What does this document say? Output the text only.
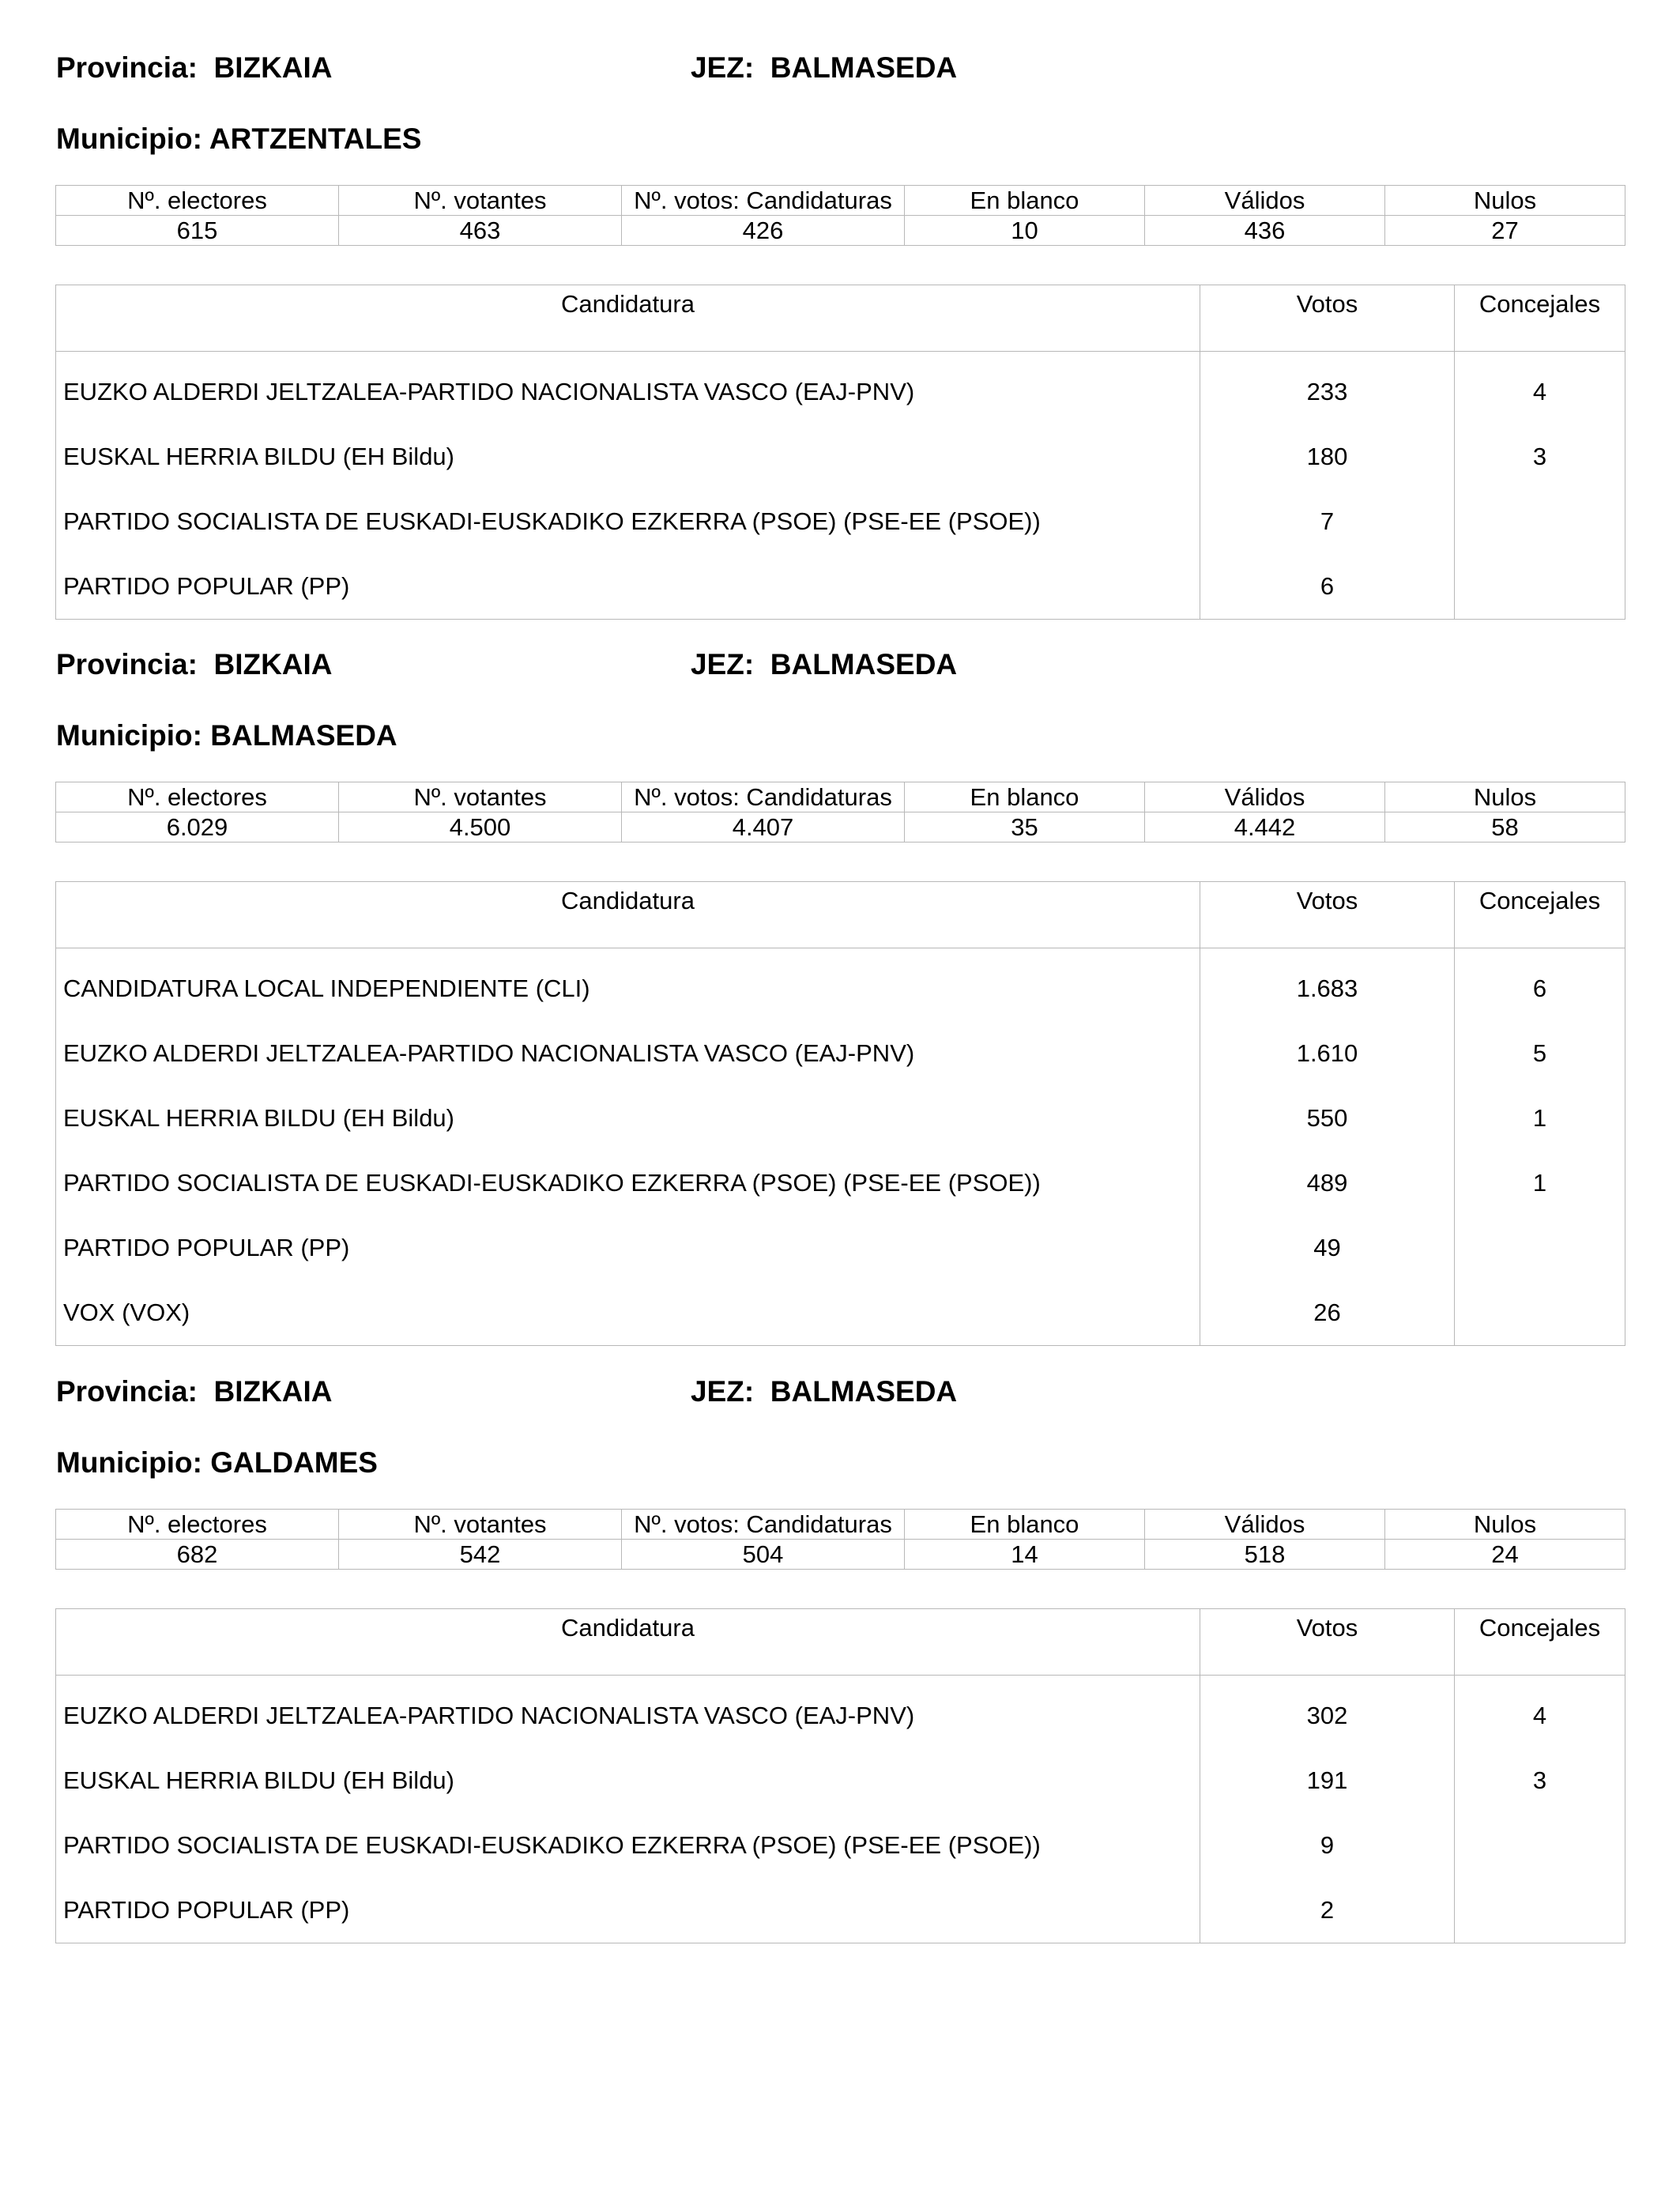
Provincia: BIZKAIA	JEZ: BALMASEDA
Municipio: ARTZENTALES
Nº. electores	Nº. votantes	Nº. votos: Candidaturas	En blanco	Válidos	Nulos
615	463	426	10	436	27
Candidatura	Votos	Concejales

EUZKO ALDERDI JELTZALEA-PARTIDO NACIONALISTA VASCO (EAJ-PNV)	233	4
EUSKAL HERRIA BILDU (EH Bildu)	180	3
PARTIDO SOCIALISTA DE EUSKADI-EUSKADIKO EZKERRA (PSOE) (PSE-EE (PSOE))	7	
PARTIDO POPULAR (PP)	6	
Provincia: BIZKAIA	JEZ: BALMASEDA
Municipio: BALMASEDA
Nº. electores	Nº. votantes	Nº. votos: Candidaturas	En blanco	Válidos	Nulos
6.029	4.500	4.407	35	4.442	58
Candidatura	Votos	Concejales

CANDIDATURA LOCAL INDEPENDIENTE (CLI)	1.683	6
EUZKO ALDERDI JELTZALEA-PARTIDO NACIONALISTA VASCO (EAJ-PNV)	1.610	5
EUSKAL HERRIA BILDU (EH Bildu)	550	1
PARTIDO SOCIALISTA DE EUSKADI-EUSKADIKO EZKERRA (PSOE) (PSE-EE (PSOE))	489	1
PARTIDO POPULAR (PP)	49	
VOX (VOX)	26	
Provincia: BIZKAIA	JEZ: BALMASEDA
Municipio: GALDAMES
Nº. electores	Nº. votantes	Nº. votos: Candidaturas	En blanco	Válidos	Nulos
682	542	504	14	518	24
Candidatura	Votos	Concejales

EUZKO ALDERDI JELTZALEA-PARTIDO NACIONALISTA VASCO (EAJ-PNV)	302	4
EUSKAL HERRIA BILDU (EH Bildu)	191	3
PARTIDO SOCIALISTA DE EUSKADI-EUSKADIKO EZKERRA (PSOE) (PSE-EE (PSOE))	9	
PARTIDO POPULAR (PP)	2	
